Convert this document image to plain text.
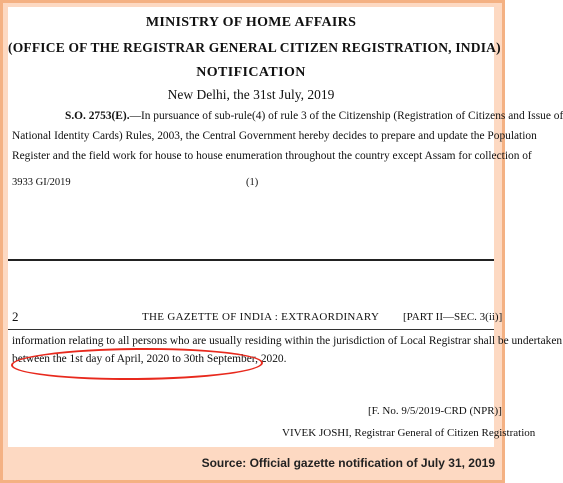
MINISTRY OF HOME AFFAIRS
(OFFICE OF THE REGISTRAR GENERAL CITIZEN REGISTRATION, INDIA)
NOTIFICATION
New Delhi, the 31st July, 2019
S.O. 2753(E).—In pursuance of sub-rule(4) of rule 3 of the Citizenship (Registration of Citizens and Issue of
National Identity Cards) Rules, 2003, the Central Government hereby decides to prepare and update the Population
Register and the field work for house to house enumeration throughout the country except Assam for collection of
3933 GI/2019	(1)
2	THE GAZETTE OF INDIA : EXTRAORDINARY [PART II—SEC. 3(ii)]
information relating to all persons who are usually residing within the jurisdiction of Local Registrar shall be undertaken
between the 1st day of April, 2020 to 30th September, 2020.
[F. No. 9/5/2019-CRD (NPR)]
VIVEK JOSHI, Registrar General of Citizen Registration
Source: Official gazette notification of July 31, 2019
